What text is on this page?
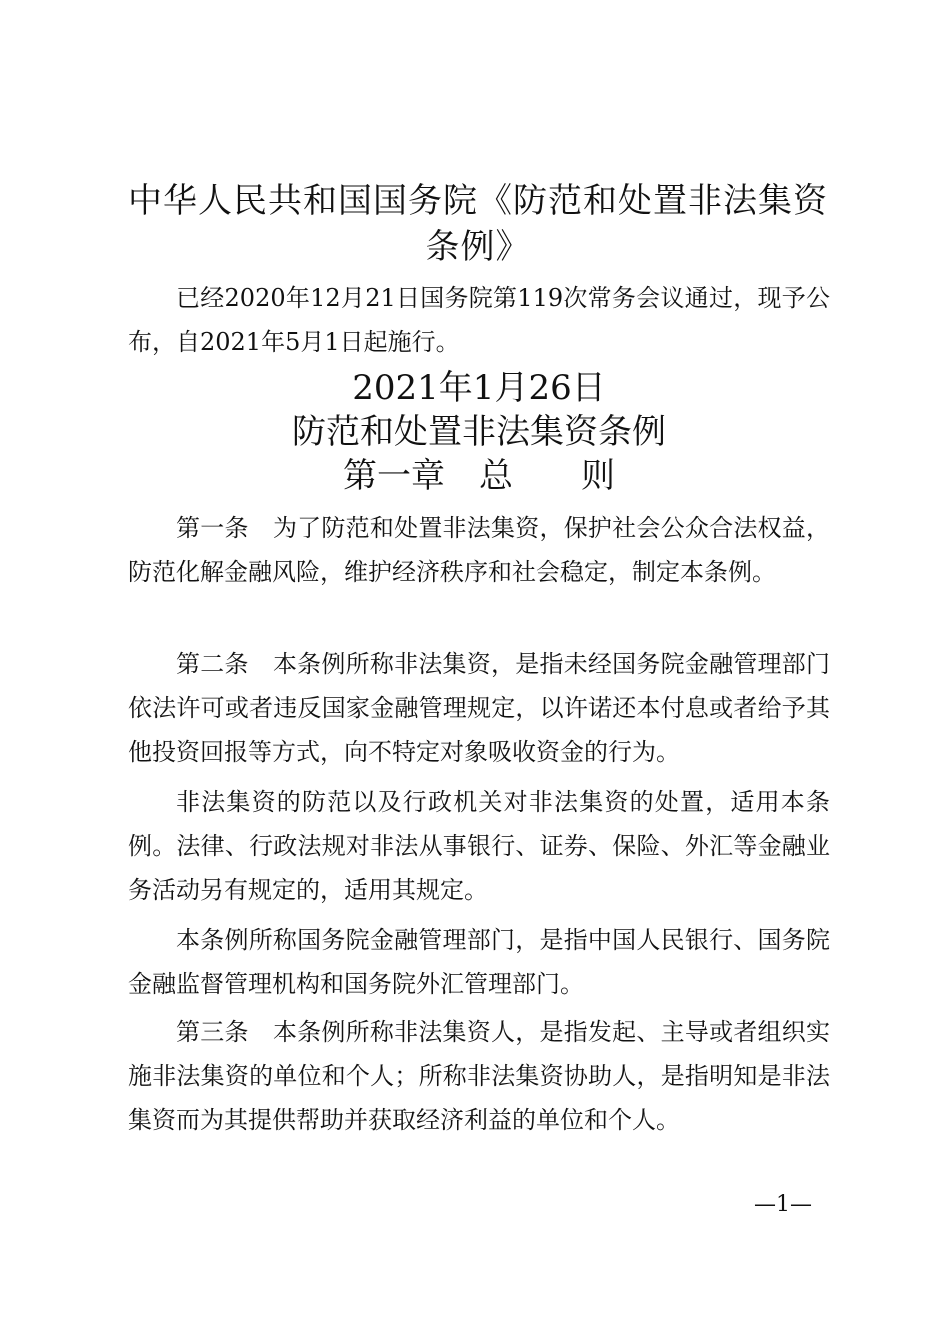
中华人民共和国国务院《防范和处置非法集资条例》

已经2020年12月21日国务院第119次常务会议通过，现予公布，自2021年5月1日起施行。

2021年1月26日

防范和处置非法集资条例

第一章　总　　则

第一条　 为了防范和处置非法集资，保护社会公众合法权益，防范化解金融风险，维护经济秩序和社会稳定，制定本条例。

第二条　 本条例所称非法集资，是指未经国务院金融管理部门依法许可或者违反国家金融管理规定，以许诺还本付息或者给予其他投资回报等方式，向不特定对象吸收资金的行为。

非法集资的防范以及行政机关对非法集资的处置，适用本条例。法律、行政法规对非法从事银行、证券、保险、外汇等金融业务活动另有规定的，适用其规定。

本条例所称国务院金融管理部门，是指中国人民银行、国务院金融监督管理机构和国务院外汇管理部门。

第三条　 本条例所称非法集资人，是指发起、主导或者组织实施非法集资的单位和个人；所称非法集资协助人，是指明知是非法集资而为其提供帮助并获取经济利益的单位和个人。

—1—
